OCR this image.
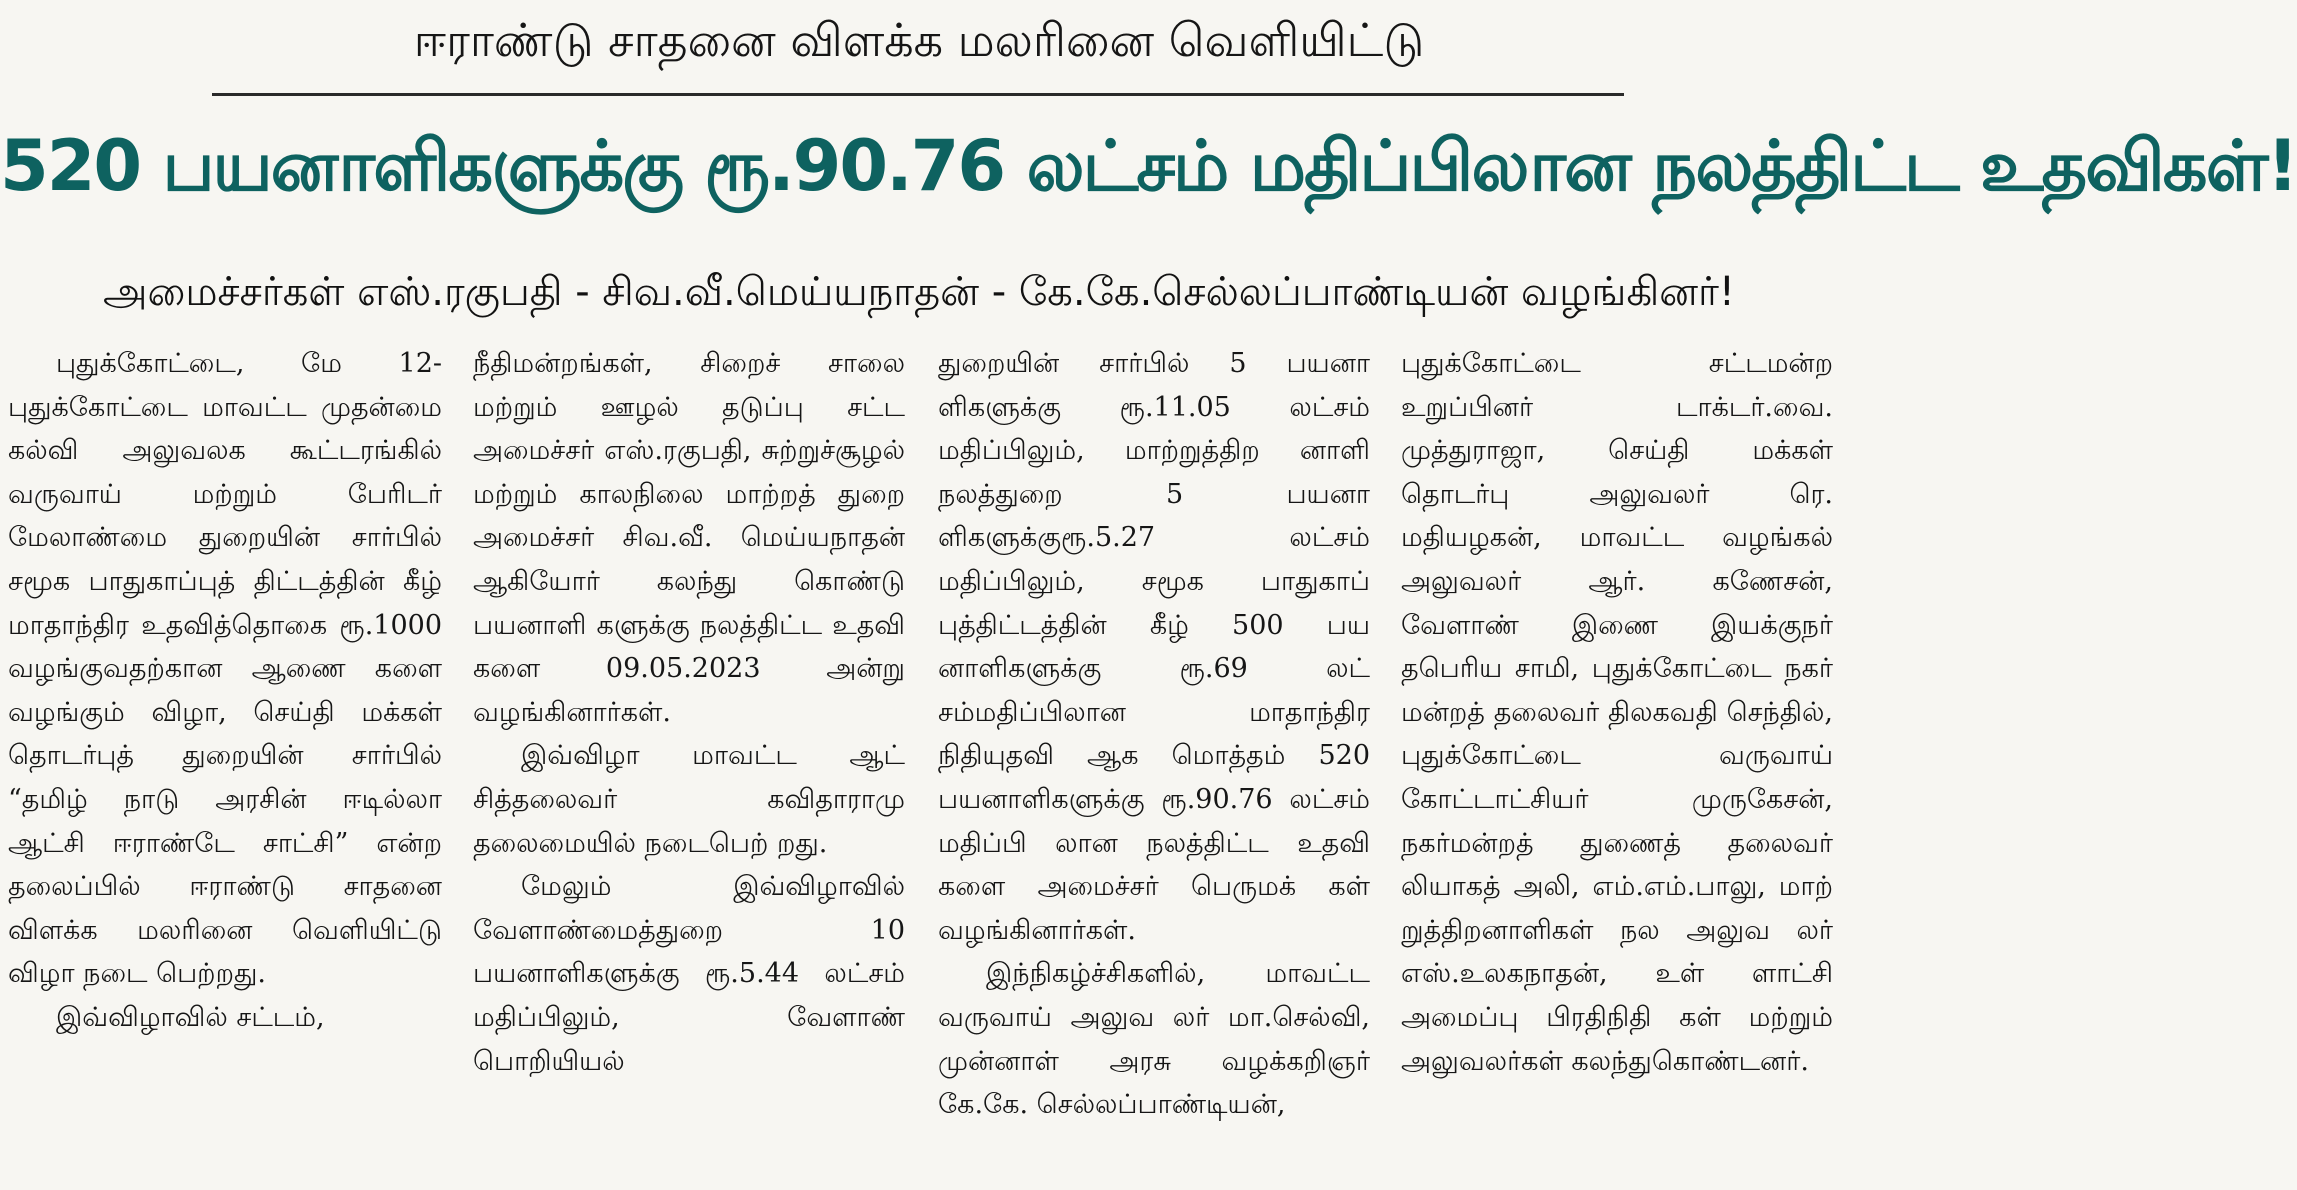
ஈராண்டு சாதனை விளக்க மலரினை வெளியிட்டு
520 பயனாளிகளுக்கு ரூ.90.76 லட்சம் மதிப்பிலான நலத்திட்ட உதவிகள்!
அமைச்சர்கள் எஸ்.ரகுபதி - சிவ.வீ.மெய்யநாதன் - கே.கே.செல்லப்பாண்டியன் வழங்கினர்!

புதுக்கோட்டை, மே 12- புதுக்கோட்டை மாவட்ட முதன்மை கல்வி அலுவலக கூட்டரங்கில் வருவாய் மற்றும் பேரிடர் மேலாண்மை துறையின் சார்பில் சமூக பாதுகாப்புத் திட்டத்தின் கீழ் மாதாந்திர உதவித்தொகை ரூ.1000 வழங்குவதற்கான ஆணை களை வழங்கும் விழா, செய்தி மக்கள் தொடர்புத் துறையின் சார்பில் “தமிழ் நாடு அரசின் ஈடில்லா ஆட்சி ஈராண்டே சாட்சி” என்ற தலைப்பில் ஈராண்டு சாதனை விளக்க மலரினை வெளியிட்டு விழா நடை பெற்றது.

இவ்விழாவில் சட்டம்,

நீதிமன்றங்கள், சிறைச் சாலை மற்றும் ஊழல் தடுப்பு சட்ட அமைச்சர் எஸ்.ரகுபதி, சுற்றுச்சூழல் மற்றும் காலநிலை மாற்றத் துறை அமைச்சர் சிவ.வீ. மெய்யநாதன் ஆகியோர் கலந்து கொண்டு பயனாளி களுக்கு நலத்திட்ட உதவி களை 09.05.2023 அன்று வழங்கினார்கள்.

இவ்விழா மாவட்ட ஆட் சித்தலைவர் கவிதாராமு தலைமையில் நடைபெற் றது.

மேலும் இவ்விழாவில் வேளாண்மைத்துறை 10 பயனாளிகளுக்கு ரூ.5.44 லட்சம் மதிப்பிலும், வேளாண் பொறியியல்

துறையின் சார்பில் 5 பயனா ளிகளுக்கு ரூ.11.05 லட்சம் மதிப்பிலும், மாற்றுத்திற னாளி நலத்துறை 5 பயனா ளிகளுக்குரூ.5.27 லட்சம் மதிப்பிலும், சமூக பாதுகாப் புத்திட்டத்தின் கீழ் 500 பய னாளிகளுக்கு ரூ.69 லட் சம்மதிப்பிலான மாதாந்திர நிதியுதவி ஆக மொத்தம் 520 பயனாளிகளுக்கு ரூ.90.76 லட்சம் மதிப்பி லான நலத்திட்ட உதவி களை அமைச்சர் பெருமக் கள் வழங்கினார்கள்.

இந்நிகழ்ச்சிகளில், மாவட்ட வருவாய் அலுவ லர் மா.செல்வி, முன்னாள் அரசு வழக்கறிஞர் கே.கே. செல்லப்பாண்டியன்,

புதுக்கோட்டை சட்டமன்ற உறுப்பினர் டாக்டர்.வை. முத்துராஜா, செய்தி மக்கள் தொடர்பு அலுவலர் ரெ. மதியழகன், மாவட்ட வழங்கல் அலுவலர் ஆர். கணேசன், வேளாண் இணை இயக்குநர் தபெரிய சாமி, புதுக்கோட்டை நகர் மன்றத் தலைவர் திலகவதி செந்தில், புதுக்கோட்டை வருவாய் கோட்டாட்சியர் முருகேசன், நகர்மன்றத் துணைத் தலைவர் லியாகத் அலி, எம்.எம்.பாலு, மாற் றுத்திறனாளிகள் நல அலுவ லர் எஸ்.உலகநாதன், உள் ளாட்சி அமைப்பு பிரதிநிதி கள் மற்றும் அலுவலர்கள் கலந்துகொண்டனர்.
